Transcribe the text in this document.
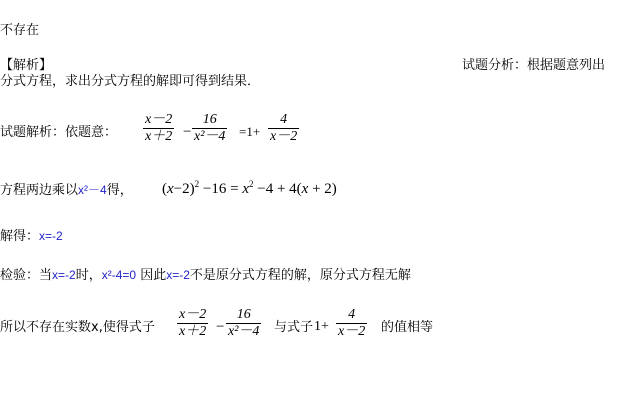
不存在
【解析】	试题分析：根据题意列出
分式方程，求出分式方程的解即可得到结果．
试题解析：依题意：
x－2
x＋2 −
16
x²－4 =1+
4
x－2
方程两边乘以x²－4得， $(x-2)^2 -16 = x^2 -4 + 4(x + 2)$
解得：x=-2
检验：当x=-2时，x²-4=0 因此x=-2不是原分式方程的解，原分式方程无解
所以不存在实数x,使得式子
x－2
x＋2 −
16
x²－4 与式子 1+
4
x－2 的值相等
